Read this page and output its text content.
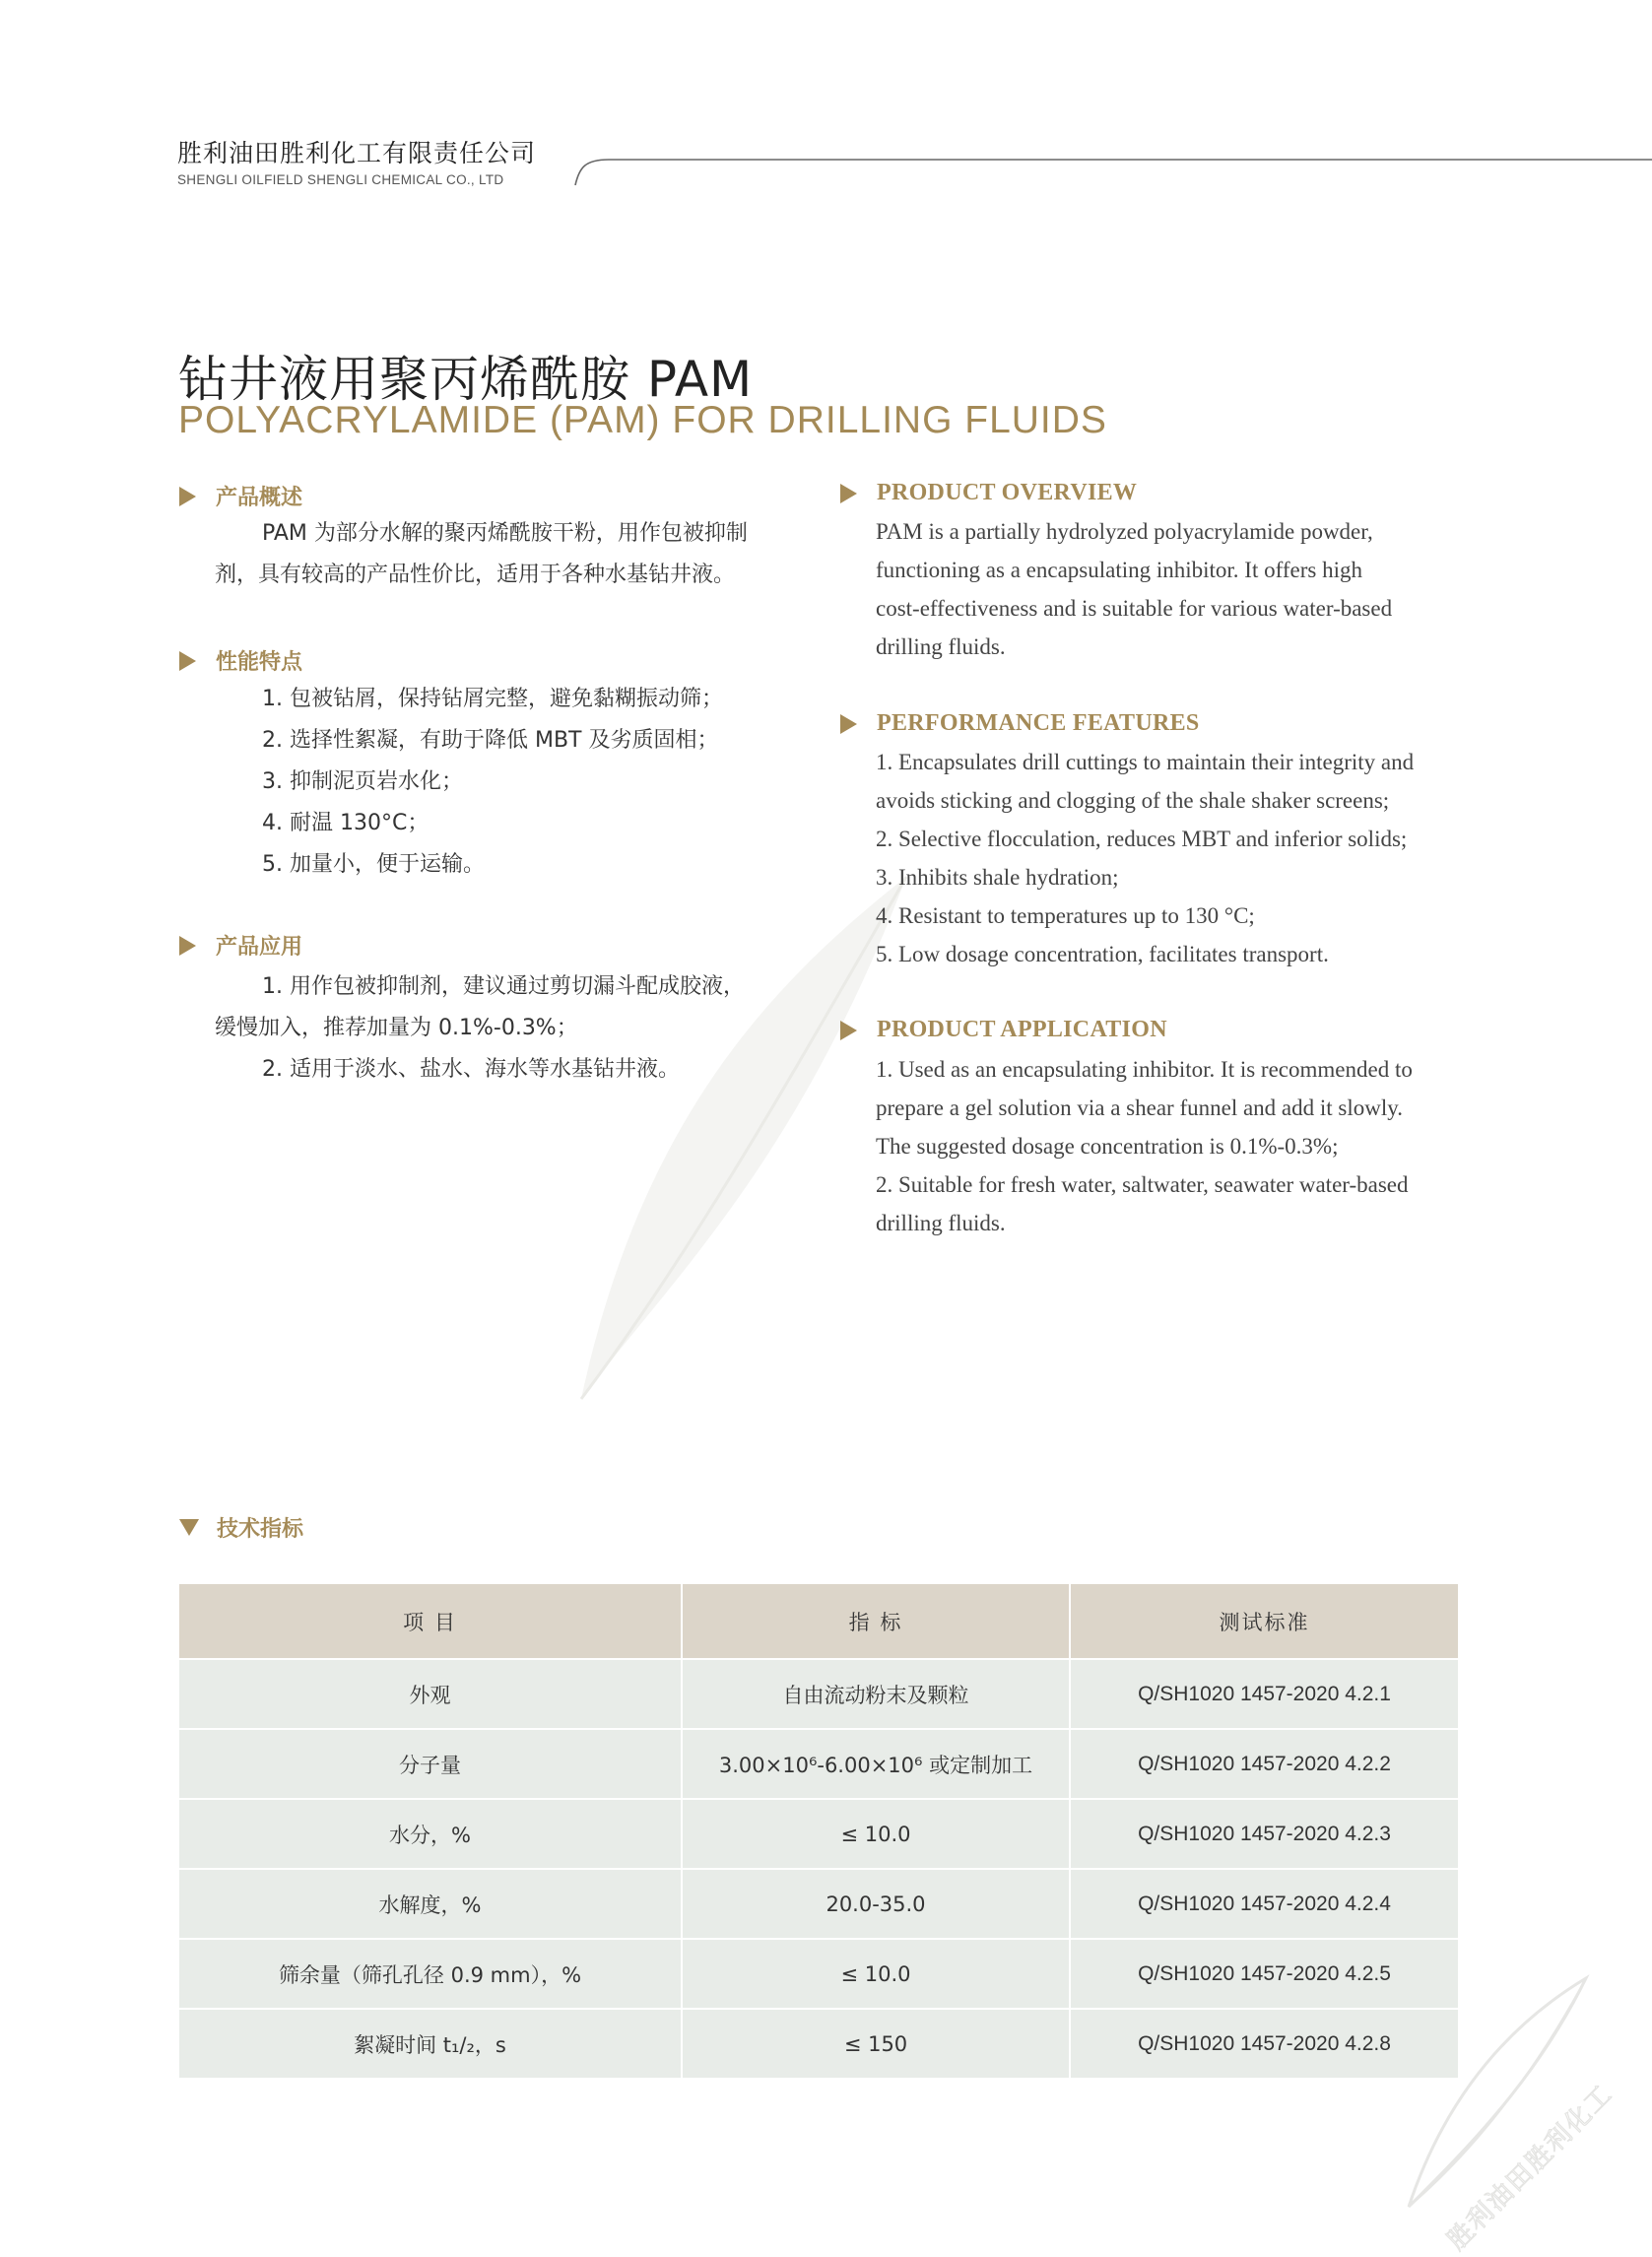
胜利油田胜利化工有限责任公司
SHENGLI OILFIELD SHENGLI CHEMICAL CO., LTD
钻井液用聚丙烯酰胺 PAM
POLYACRYLAMIDE (PAM) FOR DRILLING FLUIDS
产品概述

PAM 为部分水解的聚丙烯酰胺干粉，用作包被抑制

剂，具有较高的产品性价比，适用于各种水基钻井液。

性能特点

1. 包被钻屑，保持钻屑完整，避免黏糊振动筛；

2. 选择性絮凝，有助于降低 MBT 及劣质固相；

3. 抑制泥页岩水化；

4. 耐温 130°C；

5. 加量小，便于运输。

产品应用

1. 用作包被抑制剂，建议通过剪切漏斗配成胶液，

缓慢加入，推荐加量为 0.1%-0.3%；

2. 适用于淡水、盐水、海水等水基钻井液。

PRODUCT OVERVIEW

PAM is a partially hydrolyzed polyacrylamide powder,

functioning as a encapsulating inhibitor. It offers high

cost-effectiveness and is suitable for various water-based

drilling fluids.

PERFORMANCE FEATURES

1. Encapsulates drill cuttings to maintain their integrity and

avoids sticking and clogging of the shale shaker screens;

2. Selective flocculation, reduces MBT and inferior solids;

3. Inhibits shale hydration;

4. Resistant to temperatures up to 130 °C;

5. Low dosage concentration, facilitates transport.

PRODUCT APPLICATION

1. Used as an encapsulating inhibitor. It is recommended to

prepare a gel solution via a shear funnel and add it slowly.

The suggested dosage concentration is 0.1%-0.3%;

2. Suitable for fresh water, saltwater, seawater water-based

drilling fluids.

技术指标
项 目	指 标	测试标准
外观	自由流动粉末及颗粒	Q/SH1020 1457-2020 4.2.1
分子量	3.00×10⁶-6.00×10⁶ 或定制加工	Q/SH1020 1457-2020 4.2.2
水分，%	≤ 10.0	Q/SH1020 1457-2020 4.2.3
水解度，%	20.0-35.0	Q/SH1020 1457-2020 4.2.4
筛余量（筛孔孔径 0.9 mm），%	≤ 10.0	Q/SH1020 1457-2020 4.2.5
絮凝时间 t₁/₂，s	≤ 150	Q/SH1020 1457-2020 4.2.8
胜利油田胜利化工
